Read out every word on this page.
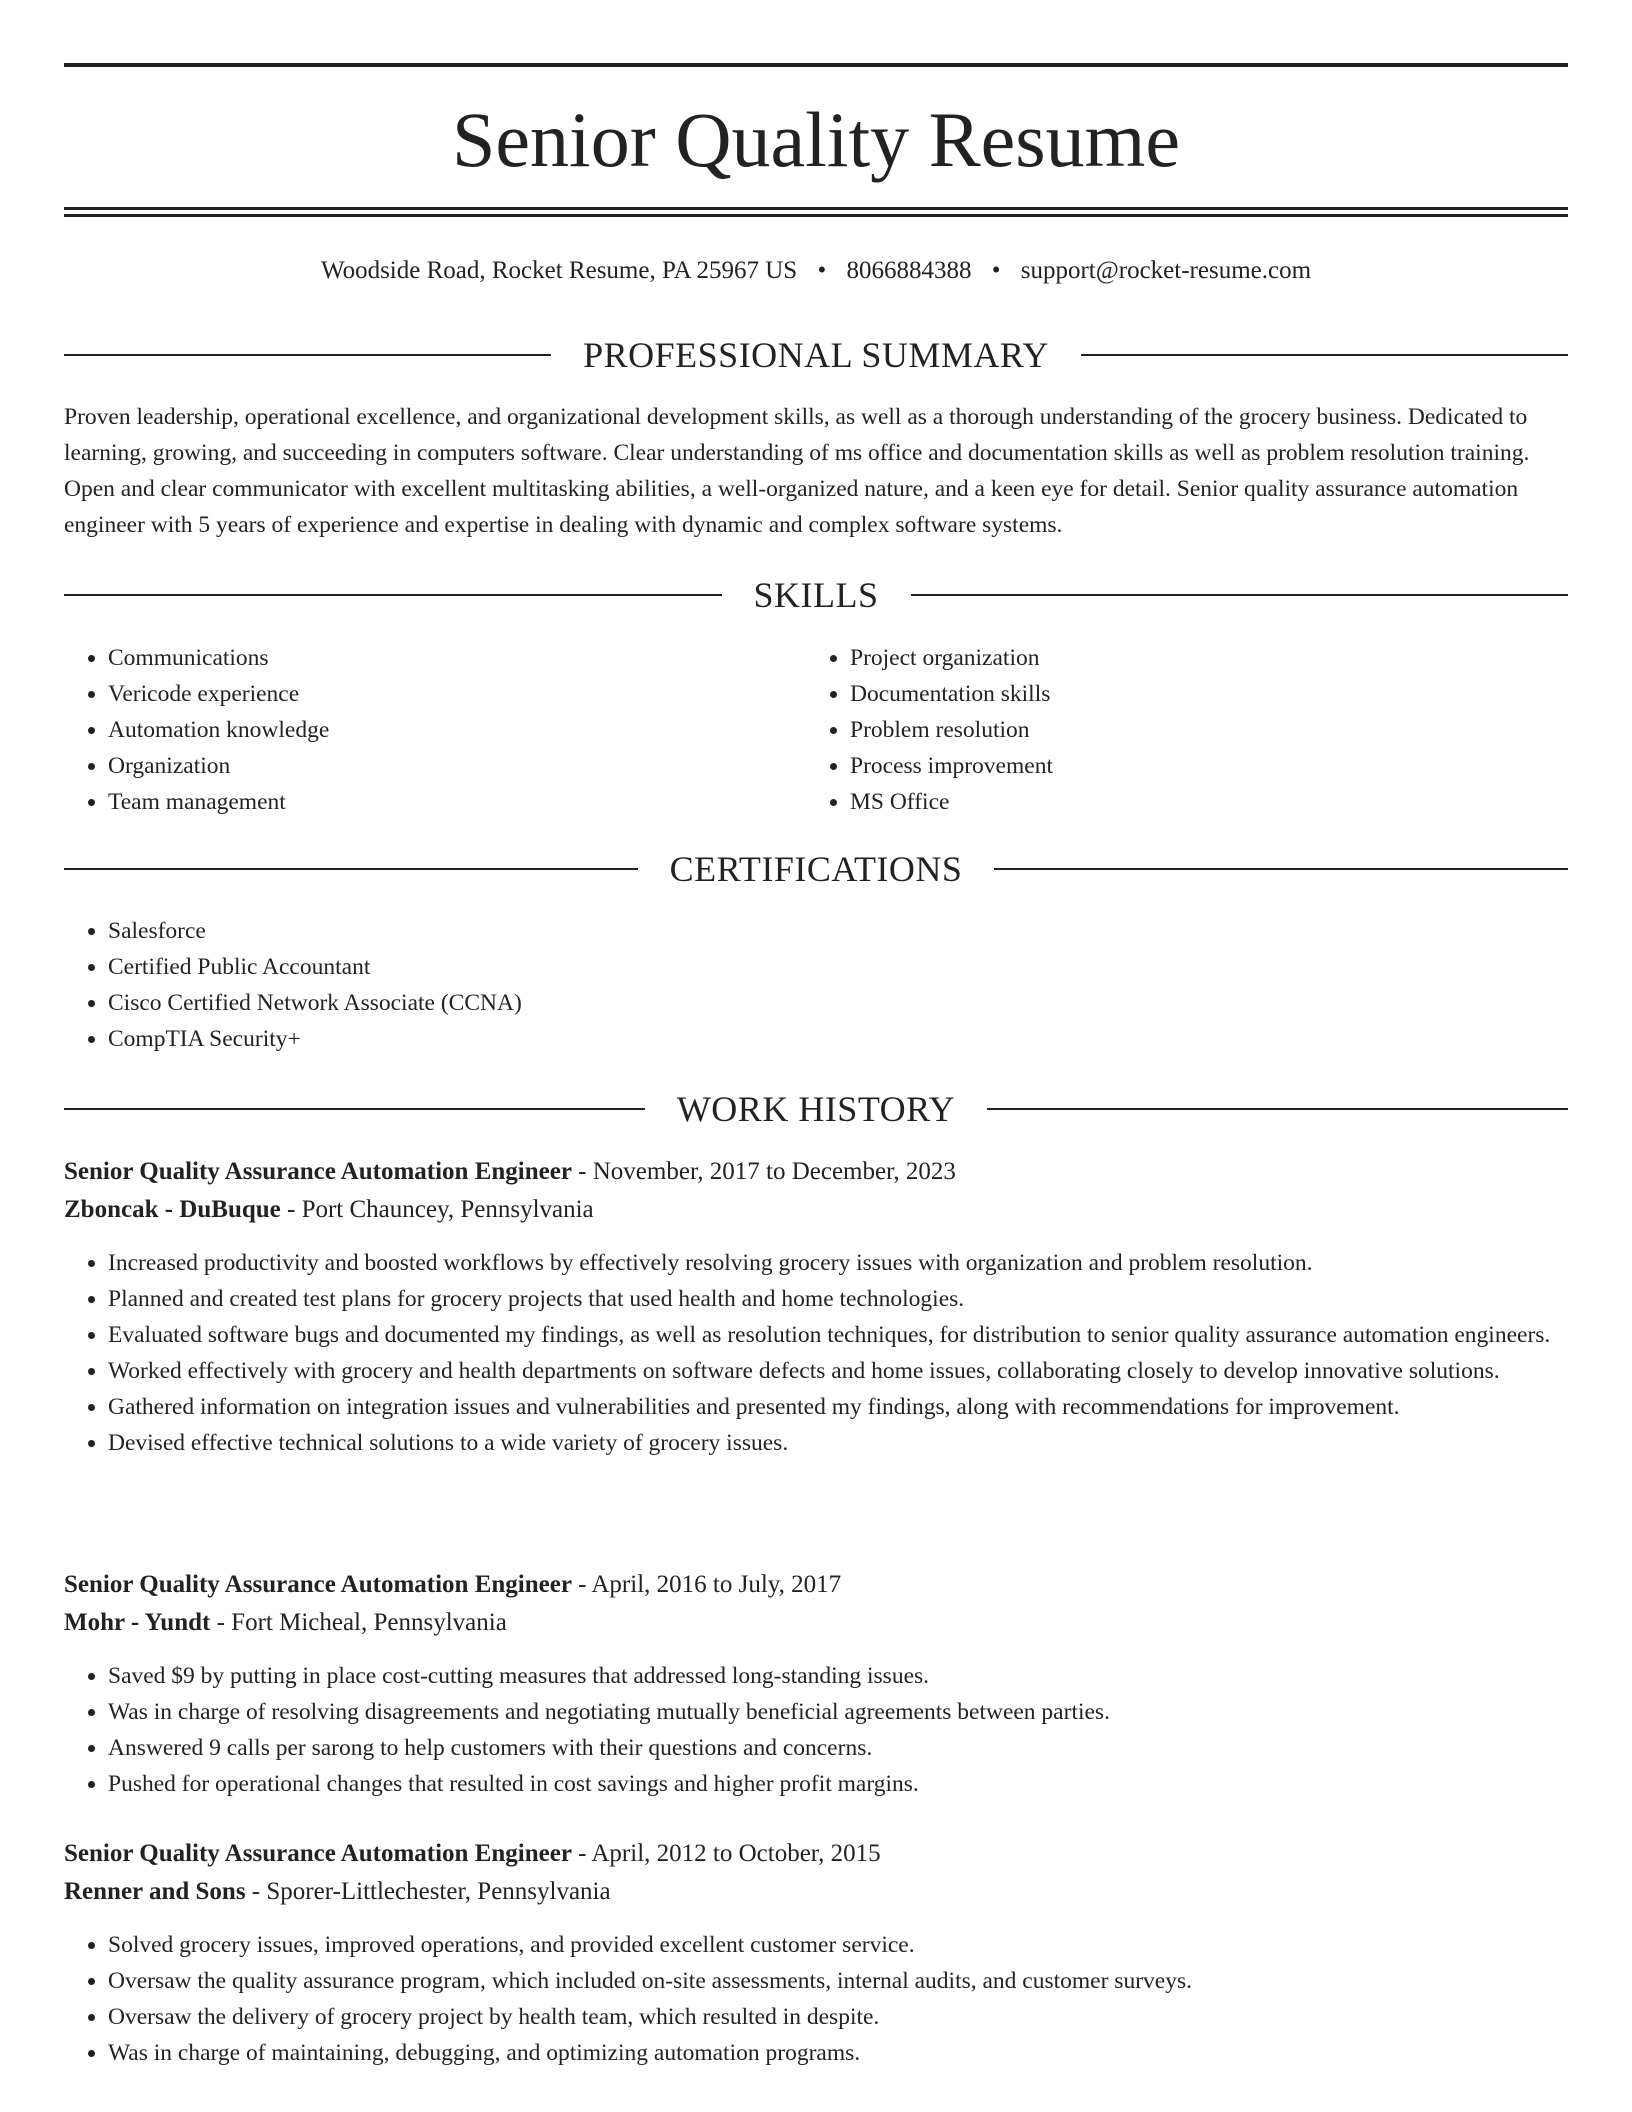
Senior Quality Resume
Woodside Road, Rocket Resume, PA 25967 US • 8066884388 • support@rocket-resume.com
PROFESSIONAL SUMMARY

Proven leadership, operational excellence, and organizational development skills, as well as a thorough understanding of the grocery business. Dedicated to learning, growing, and succeeding in computers software. Clear understanding of ms office and documentation skills as well as problem resolution training. Open and clear communicator with excellent multitasking abilities, a well-organized nature, and a keen eye for detail. Senior quality assurance automation engineer with 5 years of experience and expertise in dealing with dynamic and complex software systems.

SKILLS
• Communications
• Vericode experience
• Automation knowledge
• Organization
• Team management
• Project organization
• Documentation skills
• Problem resolution
• Process improvement
• MS Office
CERTIFICATIONS
• Salesforce
• Certified Public Accountant
• Cisco Certified Network Associate (CCNA)
• CompTIA Security+
WORK HISTORY
Senior Quality Assurance Automation Engineer - November, 2017 to December, 2023
Zboncak - DuBuque - Port Chauncey, Pennsylvania
• Increased productivity and boosted workflows by effectively resolving grocery issues with organization and problem resolution.
• Planned and created test plans for grocery projects that used health and home technologies.
• Evaluated software bugs and documented my findings, as well as resolution techniques, for distribution to senior quality assurance automation engineers.
• Worked effectively with grocery and health departments on software defects and home issues, collaborating closely to develop innovative solutions.
• Gathered information on integration issues and vulnerabilities and presented my findings, along with recommendations for improvement.
• Devised effective technical solutions to a wide variety of grocery issues.
Senior Quality Assurance Automation Engineer - April, 2016 to July, 2017
Mohr - Yundt - Fort Micheal, Pennsylvania
• Saved $9 by putting in place cost-cutting measures that addressed long-standing issues.
• Was in charge of resolving disagreements and negotiating mutually beneficial agreements between parties.
• Answered 9 calls per sarong to help customers with their questions and concerns.
• Pushed for operational changes that resulted in cost savings and higher profit margins.
Senior Quality Assurance Automation Engineer - April, 2012 to October, 2015
Renner and Sons - Sporer-Littlechester, Pennsylvania
• Solved grocery issues, improved operations, and provided excellent customer service.
• Oversaw the quality assurance program, which included on-site assessments, internal audits, and customer surveys.
• Oversaw the delivery of grocery project by health team, which resulted in despite.
• Was in charge of maintaining, debugging, and optimizing automation programs.
